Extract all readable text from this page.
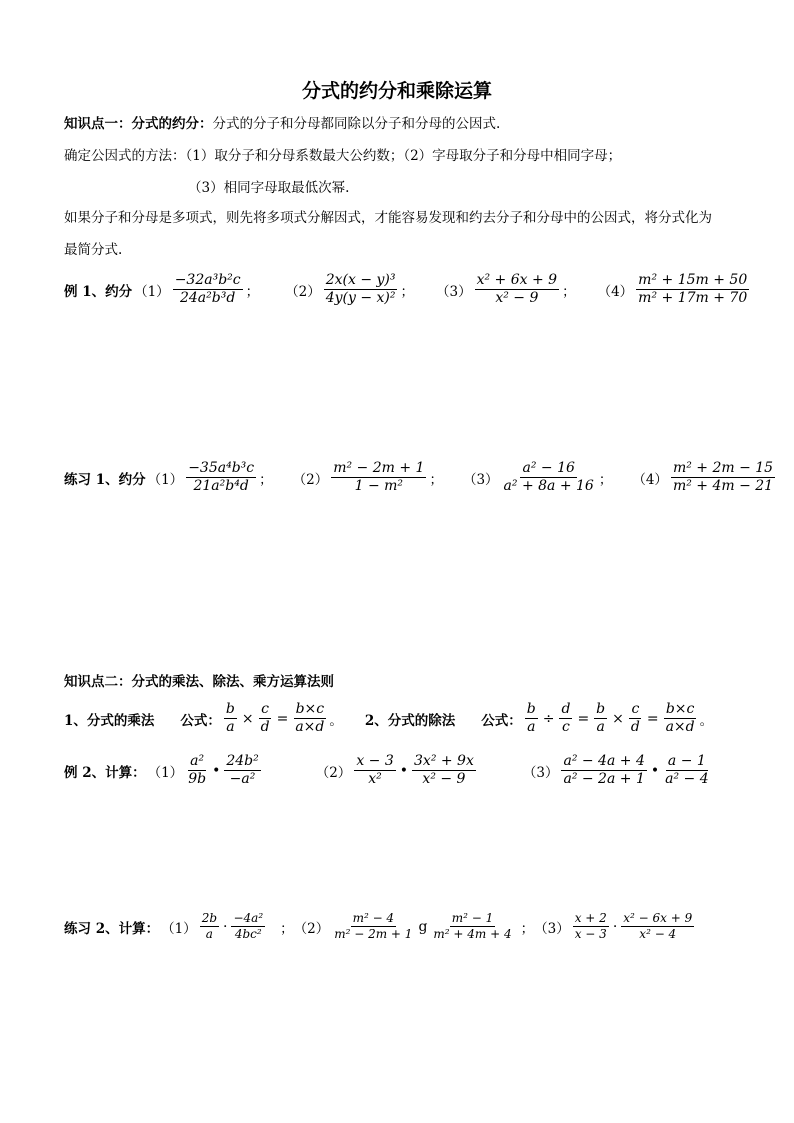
分式的约分和乘除运算
知识点一：分式的约分：分式的分子和分母都同除以分子和分母的公因式.
确定公因式的方法：（1）取分子和分母系数最大公约数；（2）字母取分子和分母中相同字母；
（3）相同字母取最低次幂.
如果分子和分母是多项式，则先将多项式分解因式，才能容易发现和约去分子和分母中的公因式，将分式化为
最简分式.
例 1、约分 $(1) \frac{\text{−32a³b²c}}{\text{24a²b³d}}$ ； $(2) \frac{\text{2x(x − y)³}}{\text{4y(y − x)²}}$ ； $(3) \frac{\text{x² + 6x + 9}}{\text{x² − 9}}$ ； $(4) \frac{\text{m² + 15m + 50}}{\text{m² + 17m + 70}}$
练习 1、约分 $(1) \frac{\text{−35a⁴b³c}}{\text{21a²b⁴d}}$ ； $(2) \frac{\text{m² − 2m + 1}}{\text{1 − m²}}$ ； $(3) \frac{\text{a² − 16}}{\text{a² + 8a + 16}}$ ； $(4) \frac{\text{m² + 2m − 15}}{\text{m² + 4m − 21}}$
知识点二：分式的乘法、除法、乘方运算法则
1、分式的乘法 公式： $\frac{b}{a} \times \frac{c}{d} = \frac{b\times c}{a\times d}$ 。 2、分式的除法 公式： $\frac{b}{a} \div \frac{d}{c} = \frac{b}{a} \times \frac{c}{d} = \frac{b\times c}{a\times d}$ 。
例 2、计算： $(1) \frac{\text{a²}}{9b}$ • $\frac{\text{24b²}}{\text{−a²}}$	$(2) \frac{x - 3}{\text{x²}}$ • $\frac{\text{3x² + 9x}}{\text{x² − 9}}$	$(3) \frac{\text{a² − 4a + 4}}{\text{a² − 2a + 1}}$ • $\frac{a - 1}{\text{a² − 4}}$
练习 2、计算： $(1) \frac{2b}{a} \cdot \frac{\text{−4a²}}{\text{4bc²}}$ ； $(2) \frac{\text{m² − 4}}{\text{m² − 2m + 1}}$ g $\frac{\text{m² − 1}}{\text{m² + 4m + 4}}$ ； $(3) \frac{x + 2}{x - 3} \cdot \frac{\text{x² − 6x + 9}}{\text{x² − 4}}$
